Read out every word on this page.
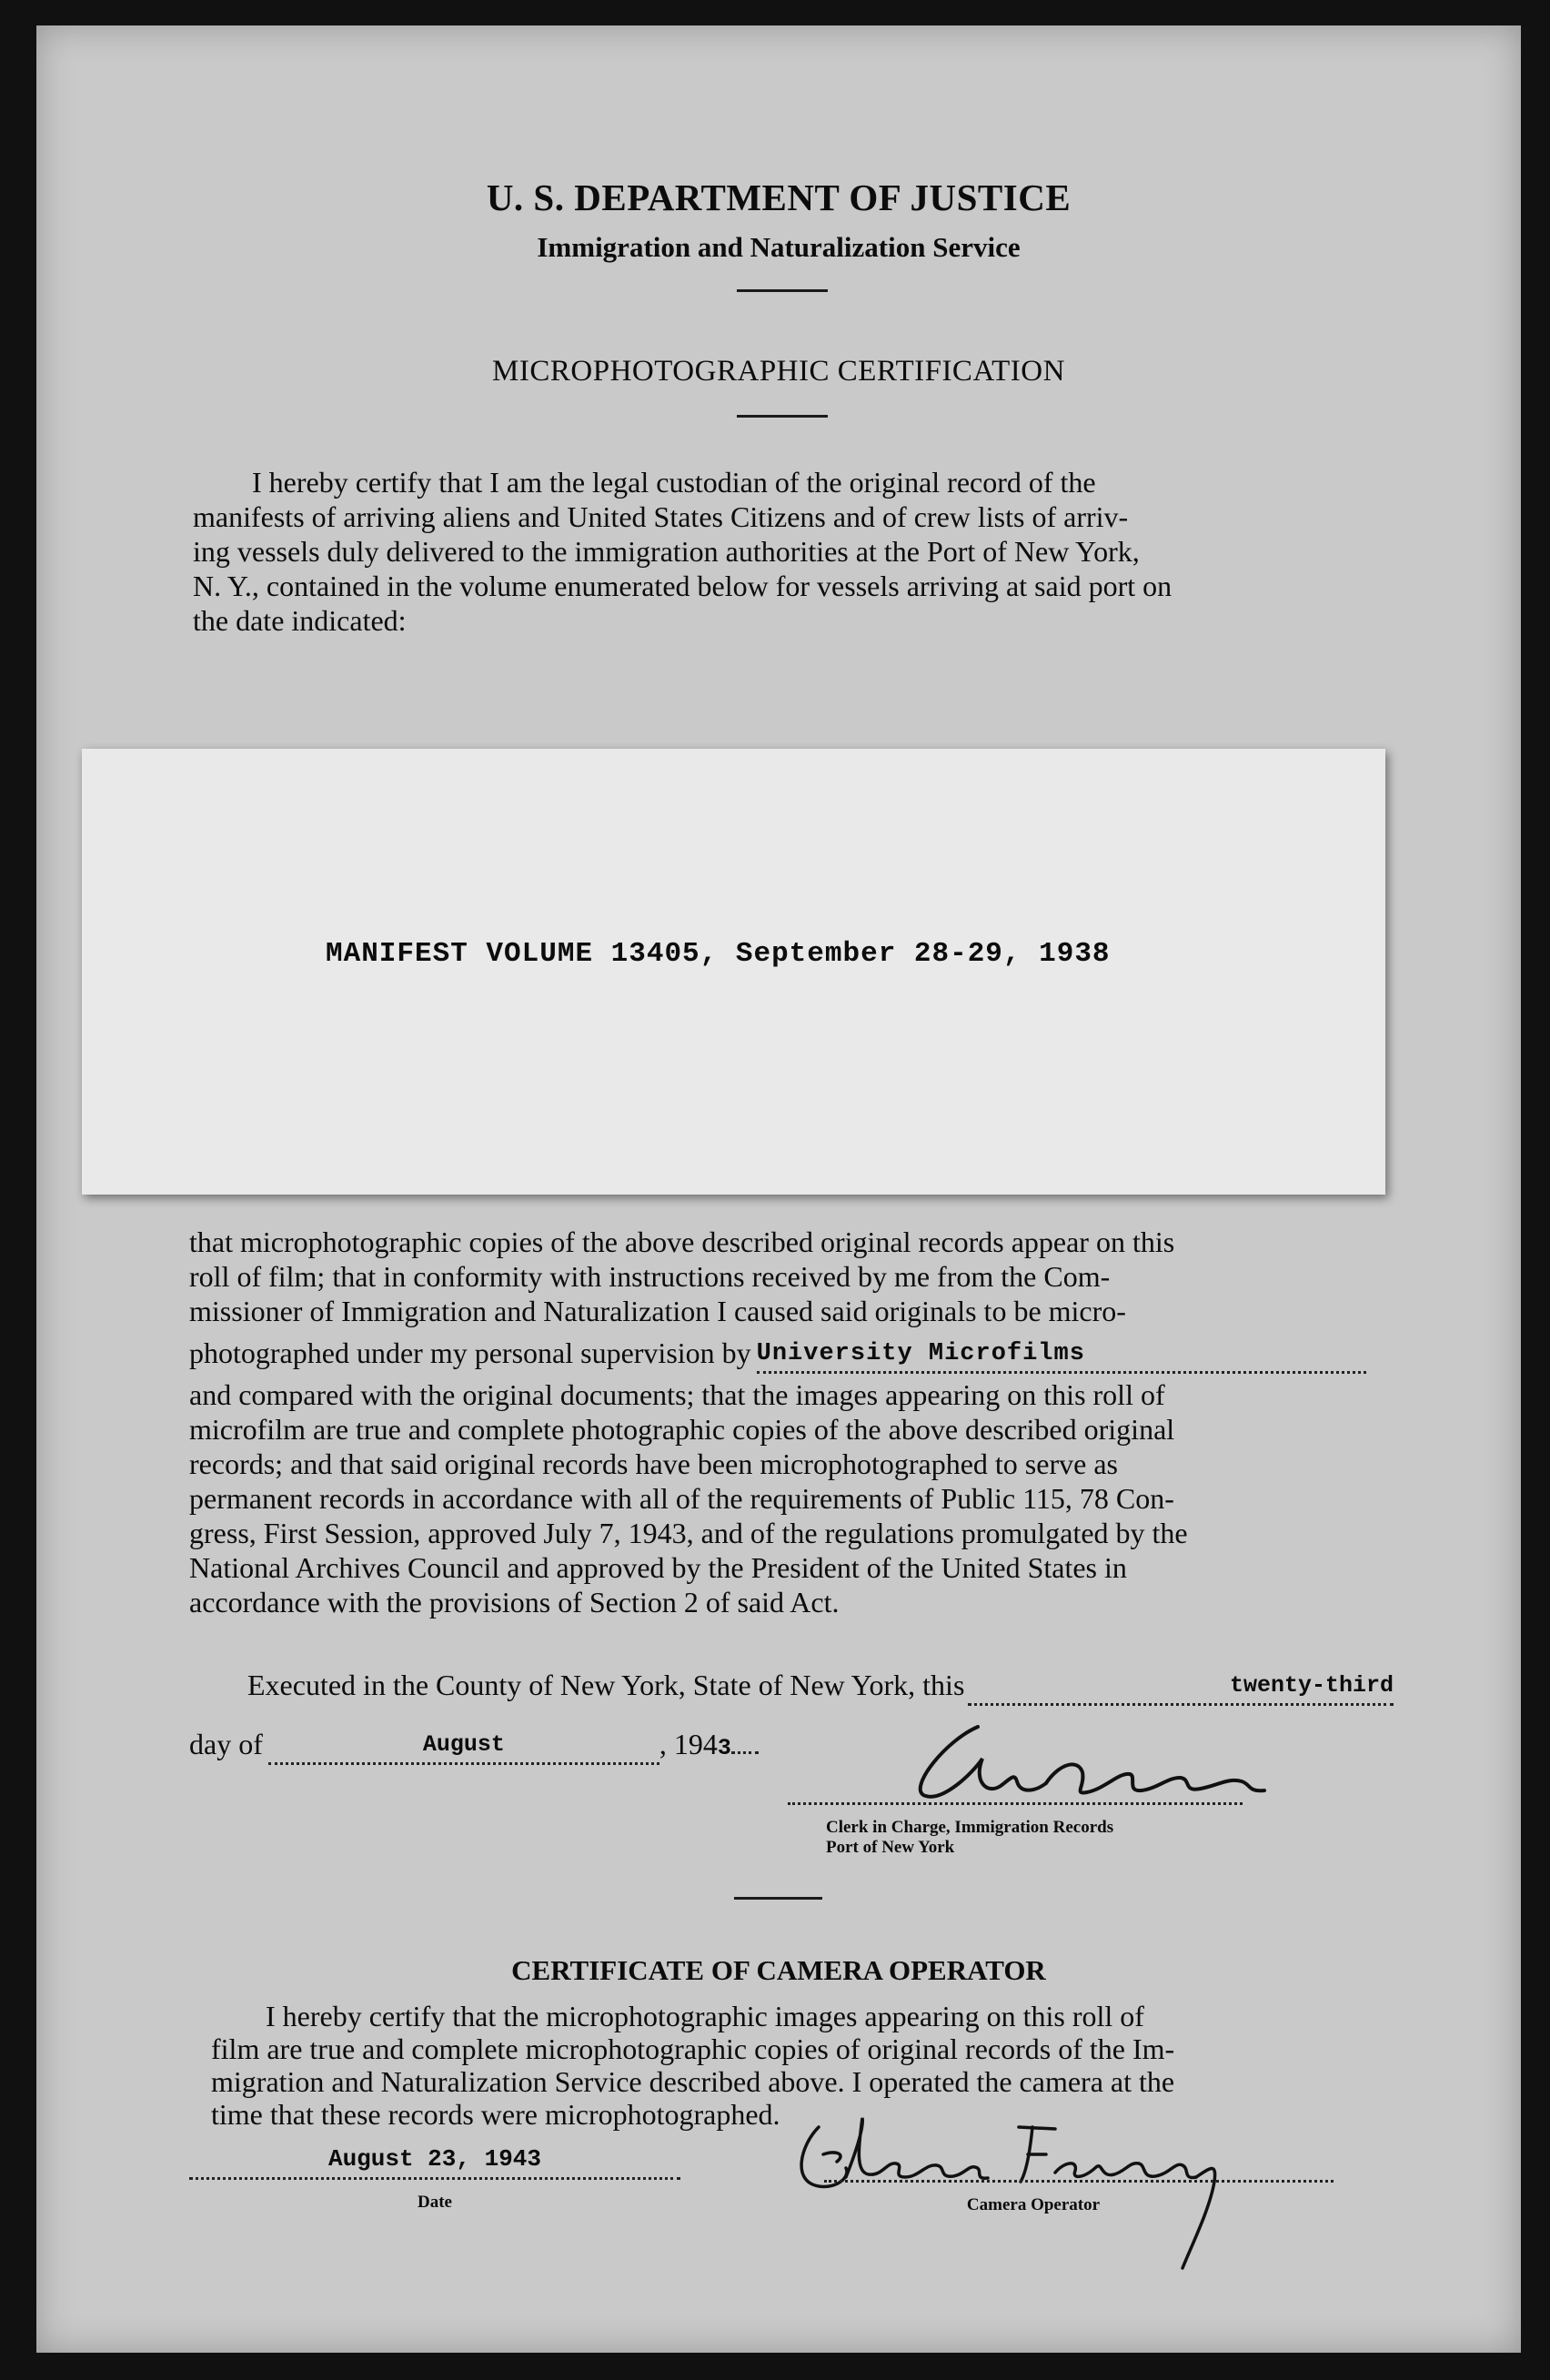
U. S. DEPARTMENT OF JUSTICE
Immigration and Naturalization Service
MICROPHOTOGRAPHIC CERTIFICATION
I hereby certify that I am the legal custodian of the original record of the
manifests of arriving aliens and United States Citizens and of crew lists of arriv-
ing vessels duly delivered to the immigration authorities at the Port of New York,
N. Y., contained in the volume enumerated below for vessels arriving at said port on
the date indicated:
MANIFEST VOLUME 13405, September 28-29, 1938
that microphotographic copies of the above described original records appear on this
roll of film; that in conformity with instructions received by me from the Com-
missioner of Immigration and Naturalization I caused said originals to be micro-
photographed under my personal supervision by University Microfilms
and compared with the original documents; that the images appearing on this roll of
microfilm are true and complete photographic copies of the above described original
records; and that said original records have been microphotographed to serve as
permanent records in accordance with all of the requirements of Public 115, 78 Con-
gress, First Session, approved July 7, 1943, and of the regulations promulgated by the
National Archives Council and approved by the President of the United States in
accordance with the provisions of Section 2 of said Act.
Executed in the County of New York, State of New York, this	twenty-third
day of	August	, 194 3
Clerk in Charge, Immigration Records
Port of New York
CERTIFICATE OF CAMERA OPERATOR
I hereby certify that the microphotographic images appearing on this roll of
film are true and complete microphotographic copies of original records of the Im-
migration and Naturalization Service described above. I operated the camera at the
time that these records were microphotographed.
August 23, 1943
Date	Camera Operator
